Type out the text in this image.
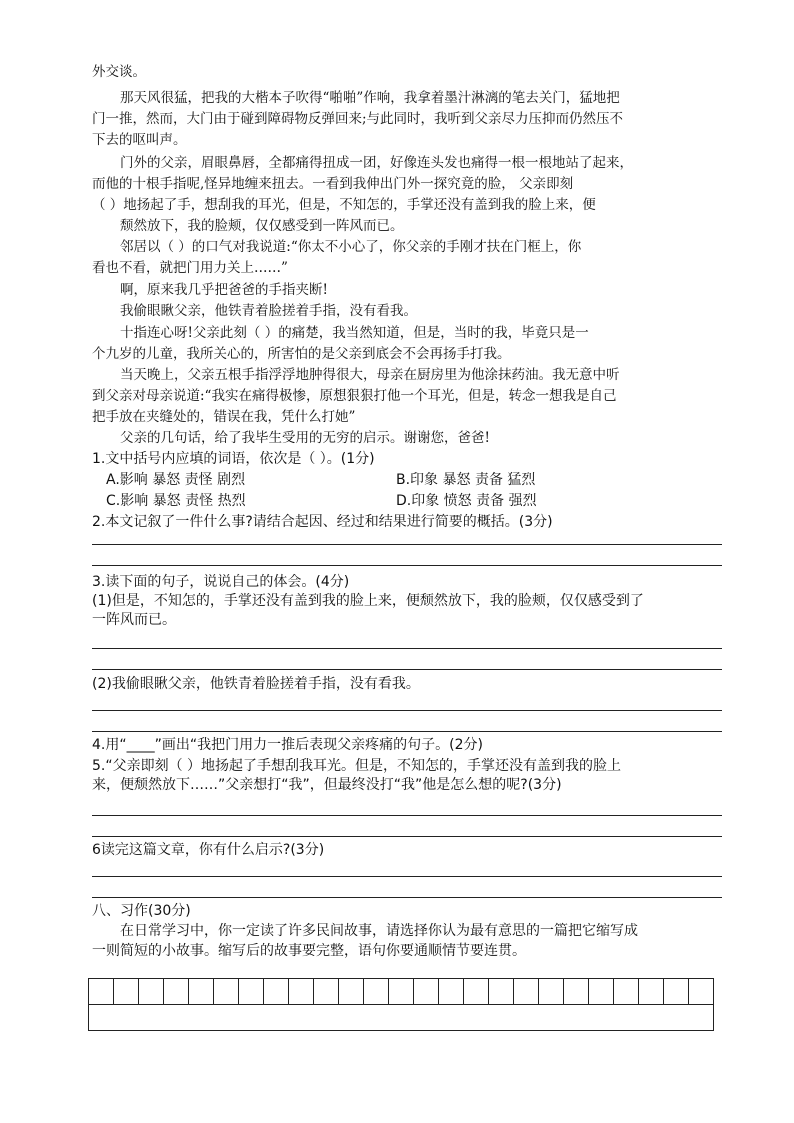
外交谈。
那天风很猛，把我的大楷本子吹得“啪啪”作响，我拿着墨汁淋漓的笔去关门，猛地把
门一推，然而，大门由于碰到障碍物反弹回来;与此同时，我听到父亲尽力压抑而仍然压不
下去的呕叫声。
门外的父亲，眉眼鼻唇，全都痛得扭成一团，好像连头发也痛得一根一根地站了起来，
而他的十根手指呢,怪异地缠来扭去。一看到我伸出门外一探究竟的脸， 父亲即刻
（ ）地扬起了手，想刮我的耳光，但是，不知怎的，手掌还没有盖到我的脸上来，便
颓然放下，我的脸颊，仅仅感受到一阵风而已。
邻居以（ ）的口气对我说道:“你太不小心了，你父亲的手刚才扶在门框上，你
看也不看，就把门用力关上……”
啊，原来我几乎把爸爸的手指夹断!
我偷眼瞅父亲，他铁青着脸搓着手指，没有看我。
十指连心呀!父亲此刻（ ）的痛楚，我当然知道，但是，当时的我，毕竟只是一
个九岁的儿童，我所关心的，所害怕的是父亲到底会不会再扬手打我。
当天晚上，父亲五根手指浮浮地肿得很大，母亲在厨房里为他涂抹药油。我无意中听
到父亲对母亲说道:“我实在痛得极惨，原想狠狠打他一个耳光，但是，转念一想我是自己
把手放在夹缝处的，错误在我，凭什么打她”
父亲的几句话，给了我毕生受用的无穷的启示。谢谢您，爸爸!
1.文中括号内应填的词语，依次是（ ）。(1分)
A.影响 暴怒 责怪 剧烈	B.印象 暴怒 责备 猛烈
C.影响 暴怒 责怪 热烈	D.印象 愤怒 责备 强烈
2.本文记叙了一件什么事?请结合起因、经过和结果进行简要的概括。(3分)
3.读下面的句子，说说自己的体会。(4分)
(1)但是，不知怎的，手掌还没有盖到我的脸上来，便颓然放下，我的脸颊，仅仅感受到了
一阵风而已。
(2)我偷眼瞅父亲，他铁青着脸搓着手指，没有看我。
4.用“____”画出“我把门用力一推后表现父亲疼痛的句子。(2分)
5.“父亲即刻（ ）地扬起了手想刮我耳光。但是，不知怎的，手掌还没有盖到我的脸上
来，便颓然放下……”父亲想打“我”，但最终没打“我”他是怎么想的呢?(3分)
6读完这篇文章，你有什么启示?(3分)
八、习作(30分)
在日常学习中，你一定读了许多民间故事，请选择你认为最有意思的一篇把它缩写成
一则简短的小故事。缩写后的故事要完整，语句你要通顺情节要连贯。
